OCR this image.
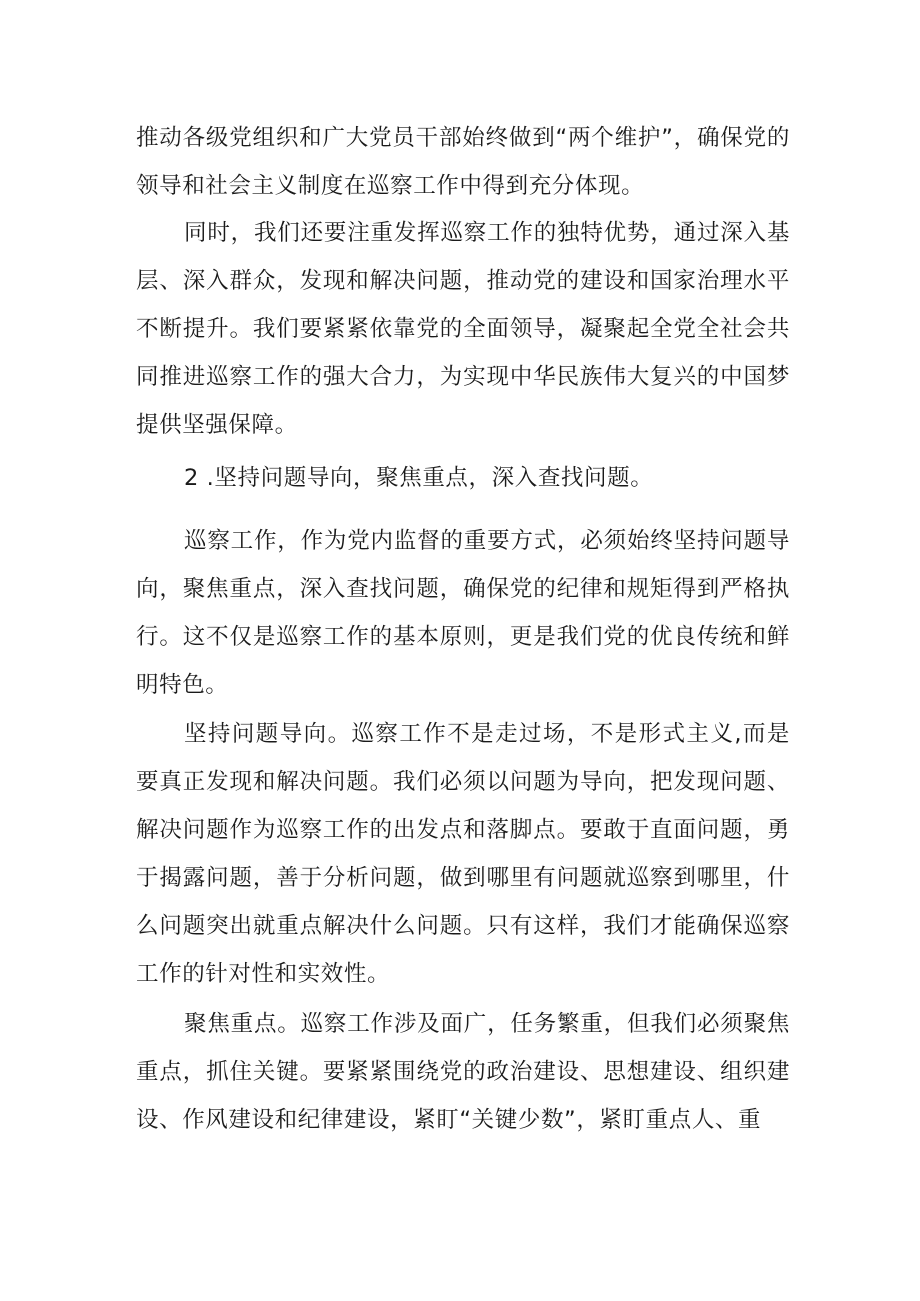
推动各级党组织和广大党员干部始终做到“两个维护”，确保党的领导和社会主义制度在巡察工作中得到充分体现。

同时，我们还要注重发挥巡察工作的独特优势，通过深入基层、深入群众，发现和解决问题，推动党的建设和国家治理水平不断提升。我们要紧紧依靠党的全面领导，凝聚起全党全社会共同推进巡察工作的强大合力，为实现中华民族伟大复兴的中国梦提供坚强保障。

2 .坚持问题导向，聚焦重点，深入查找问题。

巡察工作，作为党内监督的重要方式，必须始终坚持问题导向，聚焦重点，深入查找问题，确保党的纪律和规矩得到严格执行。这不仅是巡察工作的基本原则，更是我们党的优良传统和鲜明特色。

坚持问题导向。巡察工作不是走过场，不是形式主义,而是要真正发现和解决问题。我们必须以问题为导向，把发现问题、解决问题作为巡察工作的出发点和落脚点。要敢于直面问题，勇于揭露问题，善于分析问题，做到哪里有问题就巡察到哪里，什么问题突出就重点解决什么问题。只有这样，我们才能确保巡察工作的针对性和实效性。

聚焦重点。巡察工作涉及面广，任务繁重，但我们必须聚焦重点，抓住关键。要紧紧围绕党的政治建设、思想建设、组织建设、作风建设和纪律建设，紧盯“关键少数”，紧盯重点人、重
